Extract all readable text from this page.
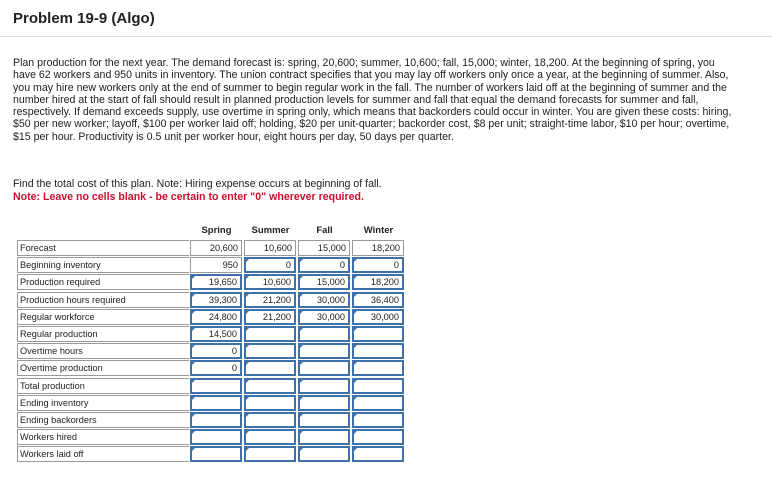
Problem 19-9 (Algo)
Plan production for the next year. The demand forecast is: spring, 20,600; summer, 10,600; fall, 15,000; winter, 18,200. At the beginning of spring, you have 62 workers and 950 units in inventory. The union contract specifies that you may lay off workers only once a year, at the beginning of summer. Also, you may hire new workers only at the end of summer to begin regular work in the fall. The number of workers laid off at the beginning of summer and the number hired at the start of fall should result in planned production levels for summer and fall that equal the demand forecasts for summer and fall, respectively. If demand exceeds supply, use overtime in spring only, which means that backorders could occur in winter. You are given these costs: hiring, $50 per new worker; layoff, $100 per worker laid off; holding, $20 per unit-quarter; backorder cost, $8 per unit; straight-time labor, $10 per hour; overtime, $15 per hour. Productivity is 0.5 unit per worker hour, eight hours per day, 50 days per quarter.
Find the total cost of this plan. Note: Hiring expense occurs at beginning of fall.
Note: Leave no cells blank - be certain to enter "0" wherever required.
Spring	Summer	Fall	Winter
Forecast	20,600	10,600	15,000	18,200
Beginning inventory	950	0	0	0
Production required	19,650	10,600	15,000	18,200
Production hours required	39,300	21,200	30,000	36,400
Regular workforce	24,800	21,200	30,000	30,000
Regular production	14,500
Overtime hours	0
Overtime production	0
Total production
Ending inventory
Ending backorders
Workers hired
Workers laid off
